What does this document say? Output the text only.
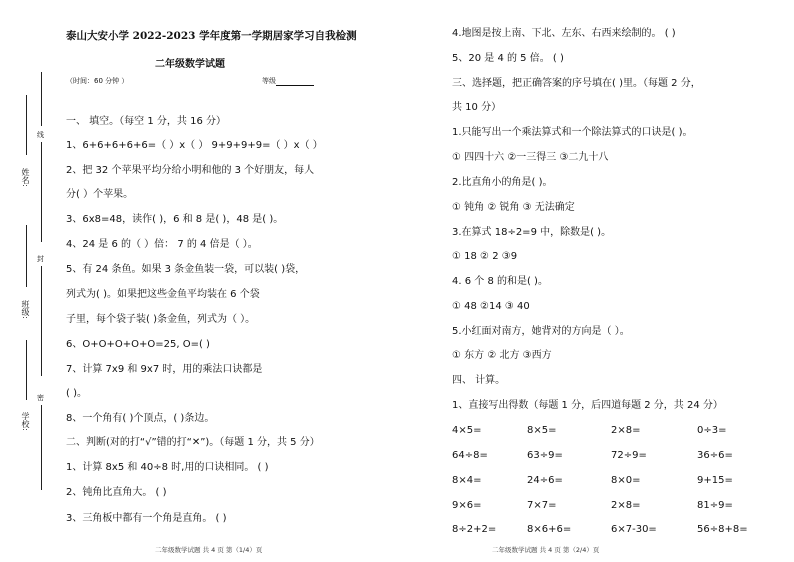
线
封
密
姓名:
班级:
学校:
泰山大安小学 2022-2023 学年度第一学期居家学习自我检测
二年级数学试题
（时间：60 分钟 ）	等级
一、 填空。（每空 1 分，共 16 分）
1、6+6+6+6+6=（ ）x（ ） 9+9+9+9=（ ）x（ ）
2、把 32 个苹果平均分给小明和他的 3 个好朋友，每人
分( ）个苹果。
3、6x8=48，读作( )，6 和 8 是( )，48 是( )。
4、24 是 6 的（ ）倍： 7 的 4 倍是（ ）。
5、有 24 条鱼。如果 3 条金鱼装一袋，可以装( )袋，
列式为( )。如果把这些金鱼平均装在 6 个袋
子里，每个袋子装( )条金鱼，列式为（ ）。
6、O+O+O+O+O=25, O=( )
7、计算 7x9 和 9x7 时，用的乘法口诀都是
( )。
8、一个角有( )个顶点，( )条边。
二、判断(对的打“√”错的打“✕”)。（每题 1 分，共 5 分）
1、计算 8x5 和 40÷8 时,用的口诀相同。 ( )
2、钝角比直角大。 ( )
3、三角板中都有一个角是直角。 ( )
4.地图是按上南、下北、左东、右西来绘制的。 ( )
5、20 是 4 的 5 倍。 ( )
三、选择题，把正确答案的序号填在( )里。（每题 2 分，
共 10 分）
1.只能写出一个乘法算式和一个除法算式的口诀是( )。
① 四四十六 ②一三得三 ③二九十八
2.比直角小的角是( )。
① 钝角 ② 锐角 ③ 无法确定
3.在算式 18÷2=9 中，除数是( )。
① 18 ② 2 ③9
4. 6 个 8 的和是( )。
① 48 ②14 ③ 40
5.小红面对南方，她背对的方向是（ ）。
① 东方 ② 北方 ③西方
四、 计算。
1、直接写出得数（每题 1 分，后四道每题 2 分，共 24 分）
4×5=	8×5=	2×8=	0÷3=
64÷8=	63÷9=	72÷9=	36÷6=
8×4=	24÷6=	8×0=	9+15=
9×6=	7×7=	2×8=	81÷9=
8÷2+2=	8×6+6=	6×7-30=	56÷8+8=
二年级数学试题 共 4 页 第（1/4）页	二年级数学试题 共 4 页 第（2/4）页
